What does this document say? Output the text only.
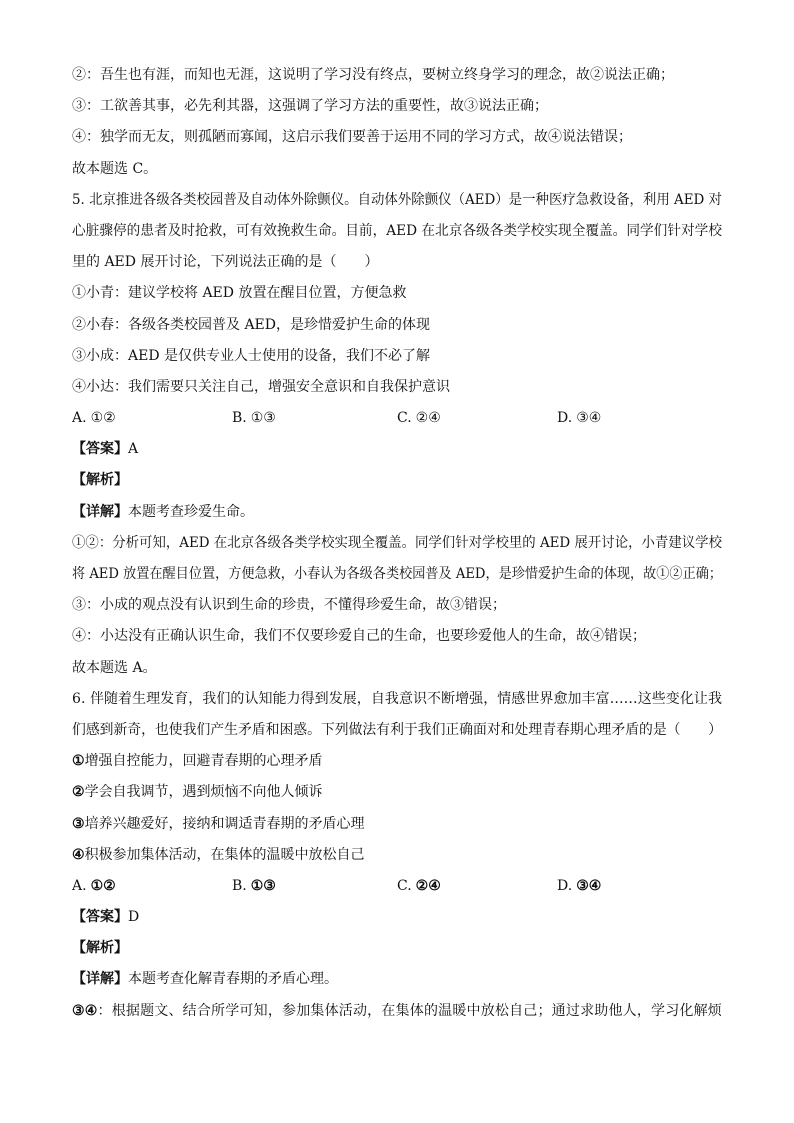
②：吾生也有涯，而知也无涯，这说明了学习没有终点，要树立终身学习的理念，故②说法正确；
③：工欲善其事，必先利其器，这强调了学习方法的重要性，故③说法正确；
④：独学而无友，则孤陋而寡闻，这启示我们要善于运用不同的学习方式，故④说法错误；
故本题选 C。
5. 北京推进各级各类校园普及自动体外除颤仪。自动体外除颤仪（AED）是一种医疗急救设备，利用 AED 对
心脏骤停的患者及时抢救，可有效挽救生命。目前，AED 在北京各级各类学校实现全覆盖。同学们针对学校
里的 AED 展开讨论，下列说法正确的是（　　）
①小青：建议学校将 AED 放置在醒目位置，方便急救
②小春：各级各类校园普及 AED，是珍惜爱护生命的体现
③小成：AED 是仅供专业人士使用的设备，我们不必了解
④小达：我们需要只关注自己，增强安全意识和自我保护意识
A. ①②	B. ①③	C. ②④	D. ③④
【答案】A
【解析】
【详解】本题考查珍爱生命。
①②：分析可知，AED 在北京各级各类学校实现全覆盖。同学们针对学校里的 AED 展开讨论，小青建议学校
将 AED 放置在醒目位置，方便急救，小春认为各级各类校园普及 AED，是珍惜爱护生命的体现，故①②正确；
③：小成的观点没有认识到生命的珍贵，不懂得珍爱生命，故③错误；
④：小达没有正确认识生命，我们不仅要珍爱自己的生命，也要珍爱他人的生命，故④错误；
故本题选 A。
6. 伴随着生理发育，我们的认知能力得到发展，自我意识不断增强，情感世界愈加丰富……这些变化让我
们感到新奇，也使我们产生矛盾和困惑。下列做法有利于我们正确面对和处理青春期心理矛盾的是（　　）
①增强自控能力，回避青春期的心理矛盾
②学会自我调节，遇到烦恼不向他人倾诉
③培养兴趣爱好，接纳和调适青春期的矛盾心理
④积极参加集体活动，在集体的温暖中放松自己
A. ①②	B. ①③	C. ②④	D. ③④
【答案】D
【解析】
【详解】本题考查化解青春期的矛盾心理。
③④：根据题文、结合所学可知，参加集体活动，在集体的温暖中放松自己；通过求助他人，学习化解烦
